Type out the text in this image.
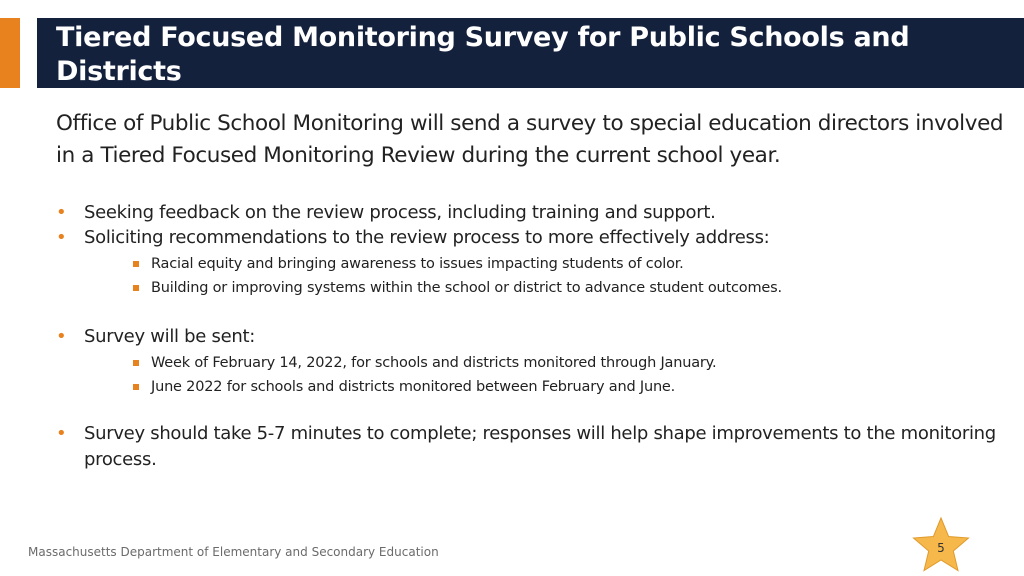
Tiered Focused Monitoring Survey for Public Schools and Districts
Office of Public School Monitoring will send a survey to special education directors involved in a Tiered Focused Monitoring Review during the current school year.
• Seeking feedback on the review process, including training and support.
• Soliciting recommendations to the review process to more effectively address:
Racial equity and bringing awareness to issues impacting students of color.
Building or improving systems within the school or district to advance student outcomes.
• Survey will be sent:
Week of February 14, 2022, for schools and districts monitored through January.
June 2022 for schools and districts monitored between February and June.
• Survey should take 5-7 minutes to complete; responses will help shape improvements to the monitoring process.
Massachusetts Department of Elementary and Secondary Education	5
